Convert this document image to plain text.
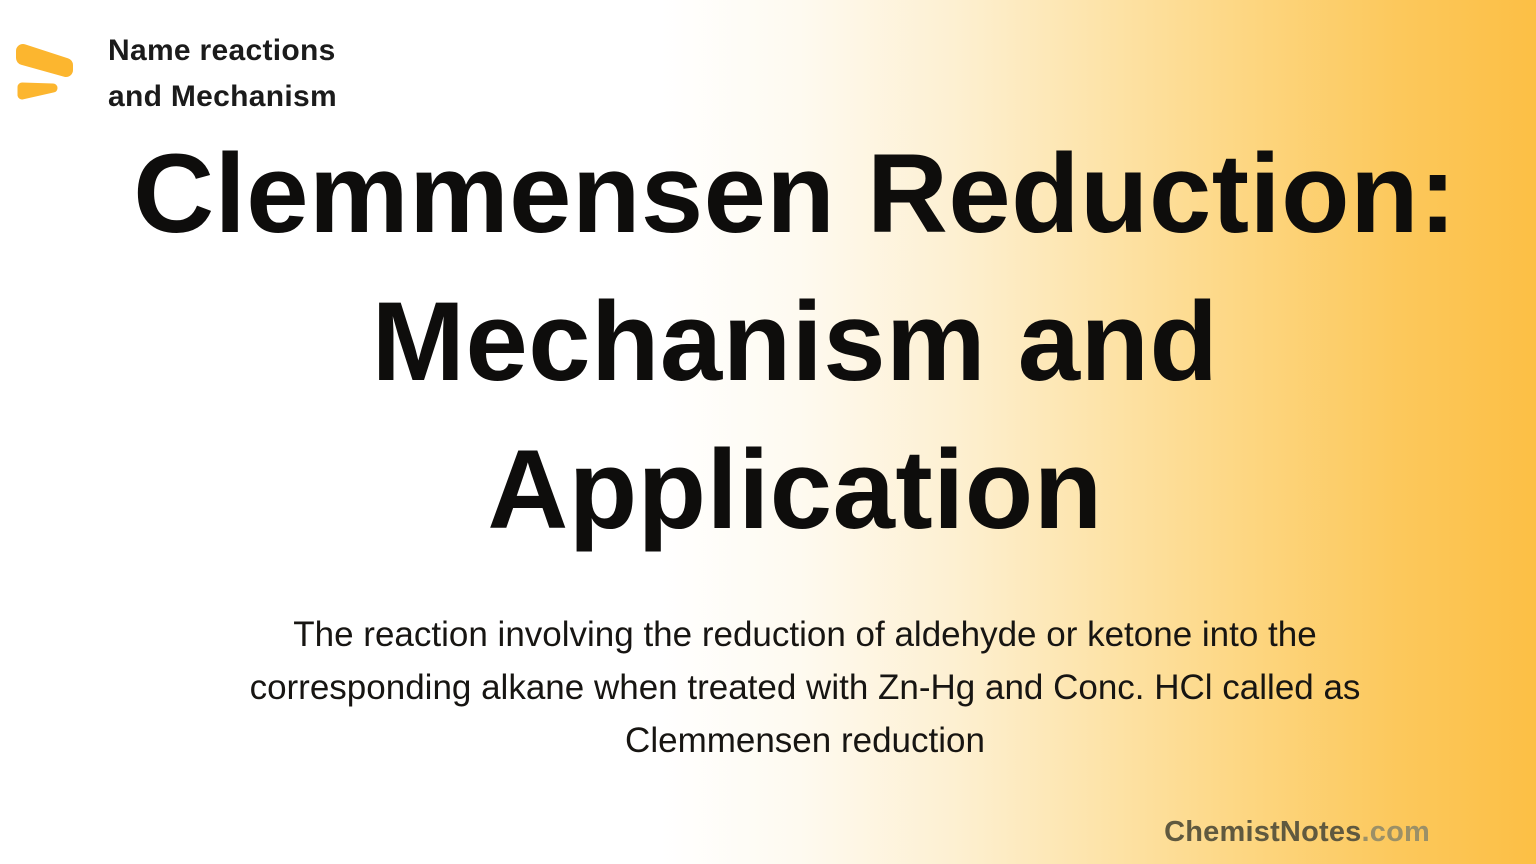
Name reactions
and Mechanism
Clemmensen Reduction:
Mechanism and
Application

The reaction involving the reduction of aldehyde or ketone into the
corresponding alkane when treated with Zn-Hg and Conc. HCl called as
Clemmensen reduction

ChemistNotes.com
